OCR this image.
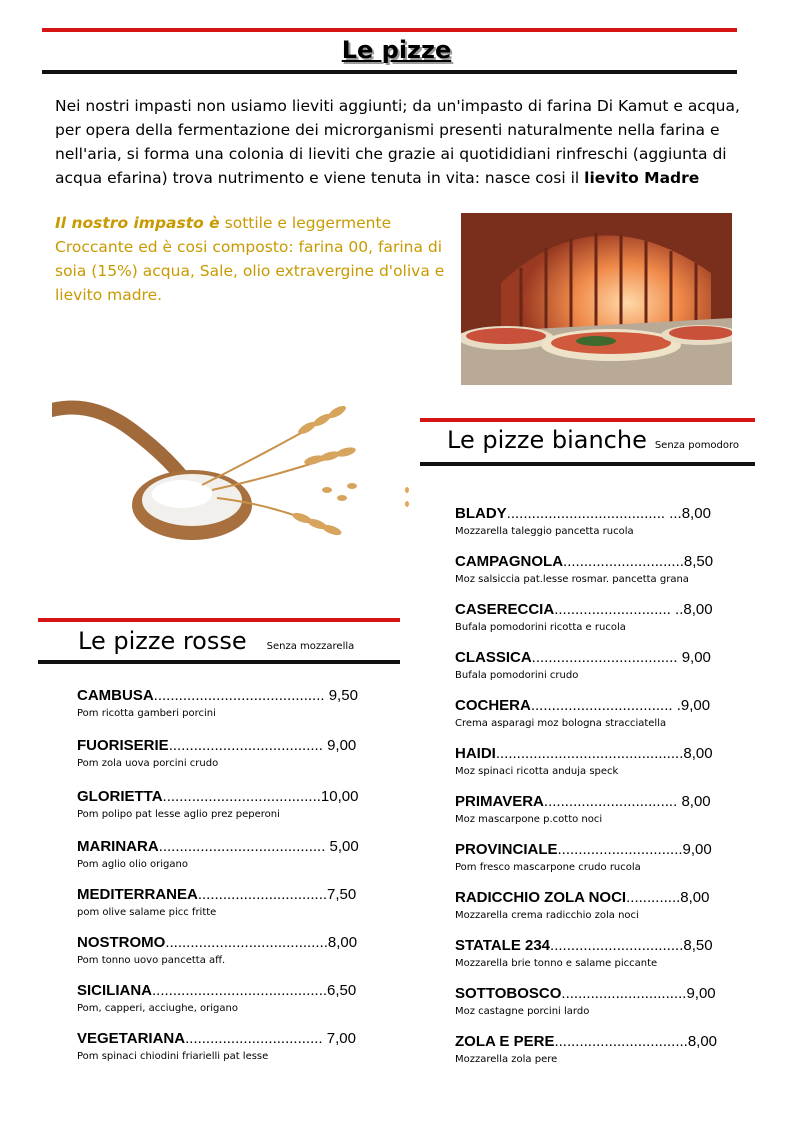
Le pizze
Nei nostri impasti non usiamo lieviti aggiunti; da un'impasto di farina Di Kamut e acqua, per opera della fermentazione dei microrganismi presenti naturalmente nella farina e nell'aria, si forma una colonia di lieviti che grazie ai quotididiani rinfreschi (aggiunta di acqua efarina) trova nutrimento e viene tenuta in vita: nasce cosi il lievito Madre
Il nostro impasto è sottile e leggermente Croccante ed è cosi composto: farina 00, farina di soia (15%) acqua, Sale, olio extravergine d'oliva e lievito madre.
Le pizze bianche Senza pomodoro
BLADY...................................... ...8,00
Mozzarella taleggio pancetta rucola
CAMPAGNOLA.............................8,50
Moz salsiccia pat.lesse rosmar. pancetta grana
CASERECCIA............................ ..8,00
Bufala pomodorini ricotta e rucola
CLASSICA................................... 9,00
Bufala pomodorini crudo
COCHERA.................................. .9,00
Crema asparagi moz bologna stracciatella
HAIDI.............................................8,00
Moz spinaci ricotta anduja speck
PRIMAVERA................................ 8,00
Moz mascarpone p.cotto noci
PROVINCIALE..............................9,00
Pom fresco mascarpone crudo rucola
RADICCHIO ZOLA NOCI.............8,00
Mozzarella crema radicchio zola noci
STATALE 234................................8,50
Mozzarella brie tonno e salame piccante
SOTTOBOSCO..............................9,00
Moz castagne porcini lardo
ZOLA E PERE................................8,00
Mozzarella zola pere
Le pizze rosse Senza mozzarella
CAMBUSA......................................... 9,50
Pom ricotta gamberi porcini
FUORISERIE..................................... 9,00
Pom zola uova porcini crudo
GLORIETTA......................................10,00
Pom polipo pat lesse aglio prez peperoni
MARINARA........................................ 5,00
Pom aglio olio origano
MEDITERRANEA...............................7,50
pom olive salame picc fritte
NOSTROMO.......................................8,00
Pom tonno uovo pancetta aff.
SICILIANA..........................................6,50
Pom, capperi, acciughe, origano
VEGETARIANA................................. 7,00
Pom spinaci chiodini friarielli pat lesse
